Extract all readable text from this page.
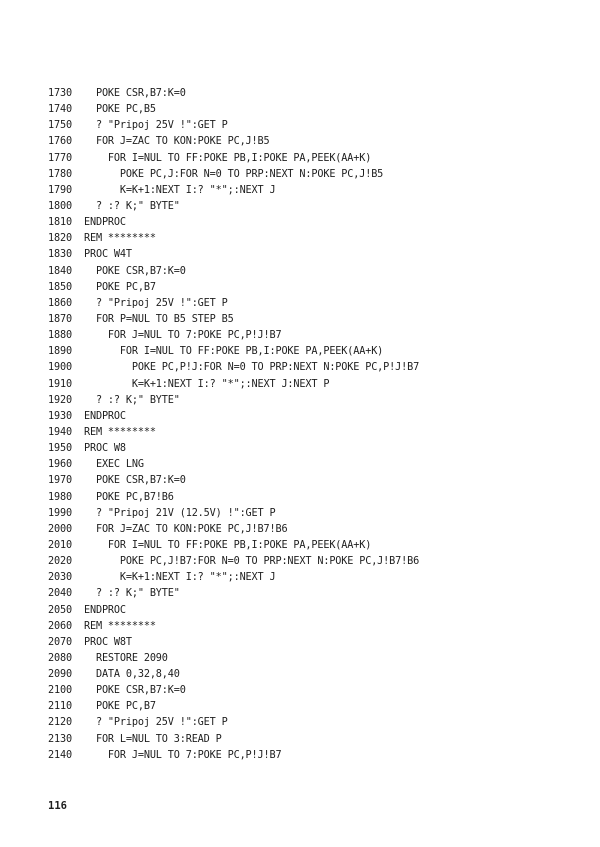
1730  POKE CSR,B7:K=0
1740  POKE PC,B5
1750  ? "Pripoj 25V !":GET P
1760  FOR J=ZAC TO KON:POKE PC,J!B5
1770    FOR I=NUL TO FF:POKE PB,I:POKE PA,PEEK(AA+K)
1780      POKE PC,J:FOR N=0 TO PRP:NEXT N:POKE PC,J!B5
1790      K=K+1:NEXT I:? "*";:NEXT J
1800  ? :? K;" BYTE"
1810 ENDPROC
1820 REM ********
1830 PROC W4T
1840  POKE CSR,B7:K=0
1850  POKE PC,B7
1860  ? "Pripoj 25V !":GET P
1870  FOR P=NUL TO B5 STEP B5
1880    FOR J=NUL TO 7:POKE PC,P!J!B7
1890      FOR I=NUL TO FF:POKE PB,I:POKE PA,PEEK(AA+K)
1900        POKE PC,P!J:FOR N=0 TO PRP:NEXT N:POKE PC,P!J!B7
1910        K=K+1:NEXT I:? "*";:NEXT J:NEXT P
1920  ? :? K;" BYTE"
1930 ENDPROC
1940 REM ********
1950 PROC W8
1960  EXEC LNG
1970  POKE CSR,B7:K=0
1980  POKE PC,B7!B6
1990  ? "Pripoj 21V (12.5V) !":GET P
2000  FOR J=ZAC TO KON:POKE PC,J!B7!B6
2010    FOR I=NUL TO FF:POKE PB,I:POKE PA,PEEK(AA+K)
2020      POKE PC,J!B7:FOR N=0 TO PRP:NEXT N:POKE PC,J!B7!B6
2030      K=K+1:NEXT I:? "*";:NEXT J
2040  ? :? K;" BYTE"
2050 ENDPROC
2060 REM ********
2070 PROC W8T
2080  RESTORE 2090
2090  DATA 0,32,8,40
2100  POKE CSR,B7:K=0
2110  POKE PC,B7
2120  ? "Pripoj 25V !":GET P
2130  FOR L=NUL TO 3:READ P
2140    FOR J=NUL TO 7:POKE PC,P!J!B7
116
